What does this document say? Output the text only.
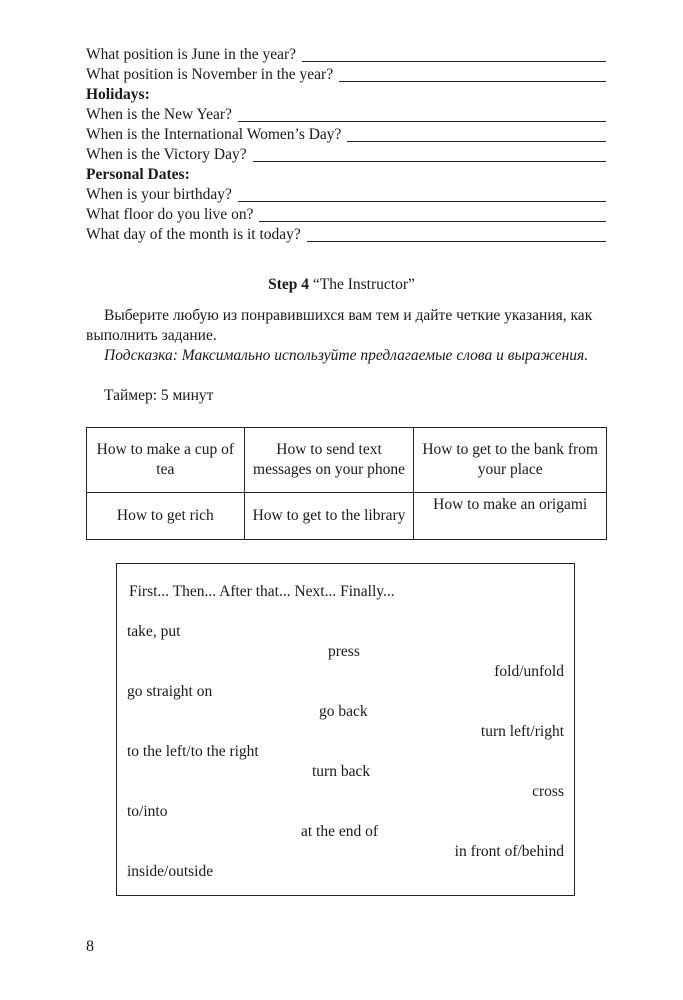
What position is June in the year?
What position is November in the year?
Holidays:
When is the New Year?
When is the International Women’s Day?
When is the Victory Day?
Personal Dates:
When is your birthday?
What floor do you live on?
What day of the month is it today?
Step 4 “The Instructor”
Выберите любую из понравившихся вам тем и дайте четкие указания, как выполнить задание.
Подсказка: Максимально используйте предлагаемые слова и выражения.
Таймер: 5 минут
How to make a cup of tea	How to send text messages on your phone	How to get to the bank from your place
How to get rich	How to get to the library	How to make an origami
First... Then... After that... Next... Finally...
take, put
press
fold/unfold
go straight on
go back
turn left/right
to the left/to the right
turn back
cross
to/into
at the end of
in front of/behind
inside/outside
8
